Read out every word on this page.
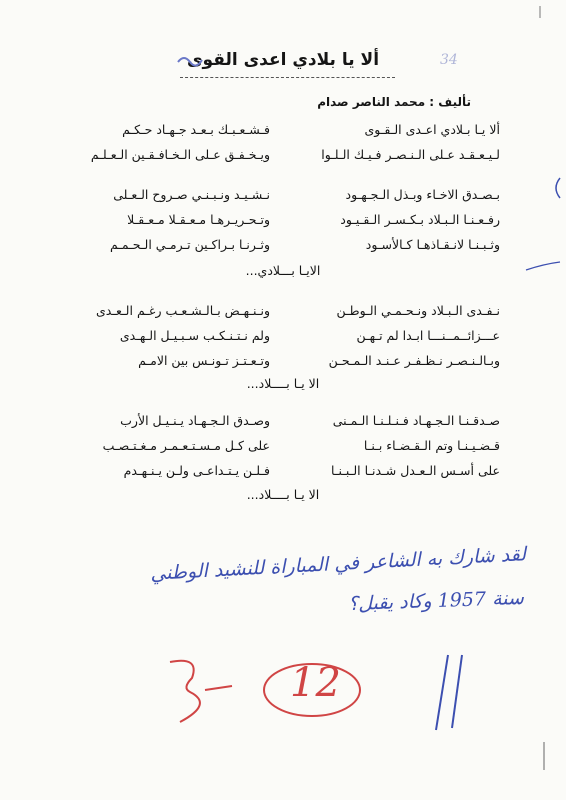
ألا يا بلادي اعدى القوى	34
تأليف : محمد الناصر صدام
ألا يـا بـلادي اعـدى الـقـوى
فـشـعـبـك بـعـد جـهـاد حـكـم
لـيـعـقـد عـلى الـنـصـر فـيـك الـلـوا
ويـخـفـق عـلى الـخـافـقـين الـعـلـم
بـصـدق الاخـاء وبـذل الـجـهـود
نـشـيـد ونـبـنـي صـروح الـعـلى
رفـعـنـا الـبـلاد بـكـسـر الـقـيـود
وتـحـريـرهـا مـعـقـلا مـعـقـلا
وثـبـنـا لانـقـاذهـا كـالأسـود
وثـرنـا بـراكـين تـرمـي الـحـمـم
الايـا بـــلادي...
نـفـدى الـبـلاد ونـحـمـي الـوطـن
ونـنـهـض بـالـشـعـب رغـم الـعـدى
عـــزائــمــنـــا ابـدا لم تـهـن
ولم نـتـنـكـب سـبـيـل الـهـدى
وبـالـنـصـر نـظـفـر عـنـد الـمـحـن
وتـعـتـز تـونـس بين الامـم
الا يـا بــــلاد...
صـدقـنـا الـجـهـاد فـنـلـنـا الـمـنى
وصـدق الـجـهـاد يـنـيـل الأرب
قـضـيـنـا وتم الـقـضـاء بـنـا
على كـل مـسـتـعـمـر مـغـتـصـب
على أسـس الـعـدل شـدنـا الـبـنـا
فـلـن يـتـداعـى ولـن يـنـهـدم
الا يـا بــــلاد...
لقد شارك به الشاعر في المباراة للنشيد الوطني
سنة 1957 وكاد يقبل؟
12
